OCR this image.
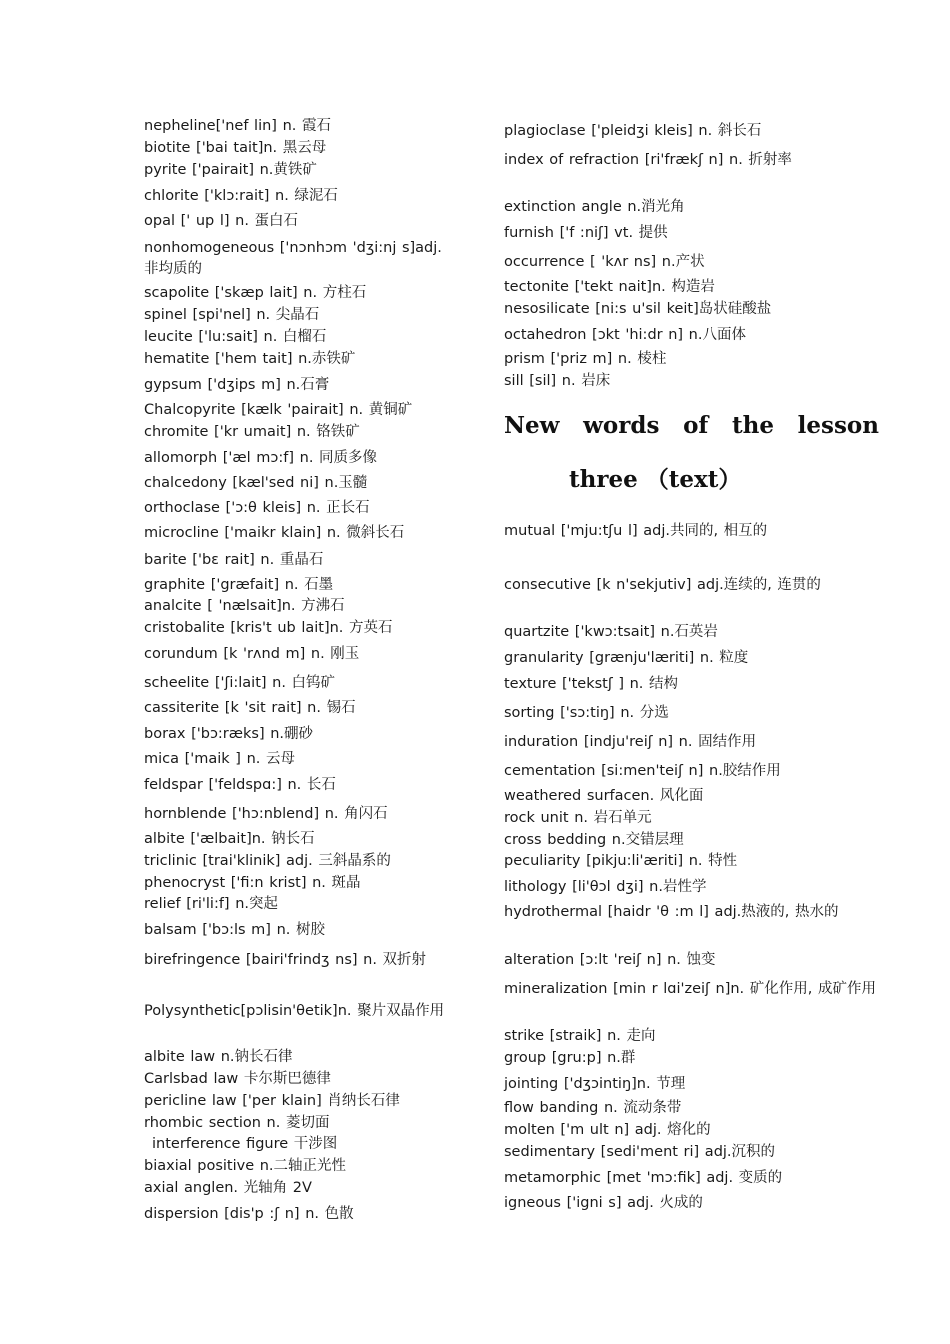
nepheline['nef lin] n. 霞石
biotite ['bai tait]n. 黑云母
pyrite ['pairait] n.黄铁矿
chlorite ['klɔ:rait] n. 绿泥石
opal [' up l] n. 蛋白石
nonhomogeneous ['nɔnhɔm 'dʒi:nj s]adj. 非均质的
scapolite ['skæp lait] n. 方柱石
spinel [spi'nel] n. 尖晶石
leucite ['lu:sait] n. 白榴石
hematite ['hem tait] n.赤铁矿
gypsum ['dʒips m] n.石膏
Chalcopyrite [kælk 'pairait] n. 黄铜矿
chromite ['kr umait] n. 铬铁矿
allomorph ['æl mɔ:f] n. 同质多像
chalcedony [kæl'sed ni] n.玉髓
orthoclase ['ɔ:θ kleis] n. 正长石
microcline ['maikr klain] n. 微斜长石
barite ['bɛ rait] n. 重晶石
graphite ['græfait] n. 石墨
analcite [ 'nælsait]n. 方沸石
cristobalite [kris't ub lait]n. 方英石
corundum [k 'rʌnd m] n. 刚玉
scheelite ['ʃi:lait] n. 白钨矿
cassiterite [k 'sit rait] n. 锡石
borax ['bɔ:ræks] n.硼砂
mica ['maik ] n. 云母
feldspar ['feldspɑ:] n. 长石
hornblende ['hɔ:nblend] n. 角闪石
albite ['ælbait]n. 钠长石
triclinic [trai'klinik] adj. 三斜晶系的
phenocryst ['fi:n krist] n. 斑晶
relief [ri'li:f] n.突起
balsam ['bɔ:ls m] n. 树胶
birefringence [bairi'frindʒ ns] n. 双折射
Polysynthetic[pɔlisin'θetik]n. 聚片双晶作用
albite law n.钠长石律
Carlsbad law 卡尔斯巴德律
pericline law ['per klain] 肖纳长石律
rhombic section n. 菱切面
interference figure 干涉图
biaxial positive n.二轴正光性
axial anglen. 光轴角 2V
dispersion [dis'p :ʃ n] n. 色散
plagioclase ['pleidʒi kleis] n. 斜长石
index of refraction [ri'frækʃ n] n. 折射率
extinction angle n.消光角
furnish ['f :niʃ] vt. 提供
occurrence [ 'kʌr ns] n.产状
tectonite ['tekt nait]n. 构造岩
nesosilicate [ni:s u'sil keit]岛状硅酸盐
octahedron [ɔkt 'hi:dr n] n.八面体
prism ['priz m] n. 棱柱
sill [sil] n. 岩床
New words of the lesson
three （text）
mutual ['mju:tʃu l] adj.共同的, 相互的
consecutive [k n'sekjutiv] adj.连续的, 连贯的
quartzite ['kwɔ:tsait] n.石英岩
granularity [grænju'læriti] n. 粒度
texture ['tekstʃ ] n. 结构
sorting ['sɔ:tiŋ] n. 分选
induration [indju'reiʃ n] n. 固结作用
cementation [si:men'teiʃ n] n.胶结作用
weathered surfacen. 风化面
rock unit n. 岩石单元
cross bedding n.交错层理
peculiarity [pikju:li'æriti] n. 特性
lithology [li'θɔl dʒi] n.岩性学
hydrothermal [haidr 'θ :m l] adj.热液的, 热水的
alteration [ɔ:lt 'reiʃ n] n. 蚀变
mineralization [min r lɑi'zeiʃ n]n. 矿化作用, 成矿作用
strike [straik] n. 走向
group [gru:p] n.群
jointing ['dʒɔintiŋ]n. 节理
flow banding n. 流动条带
molten ['m ult n] adj. 熔化的
sedimentary [sedi'ment ri] adj.沉积的
metamorphic [met 'mɔ:fik] adj. 变质的
igneous ['igni s] adj. 火成的
